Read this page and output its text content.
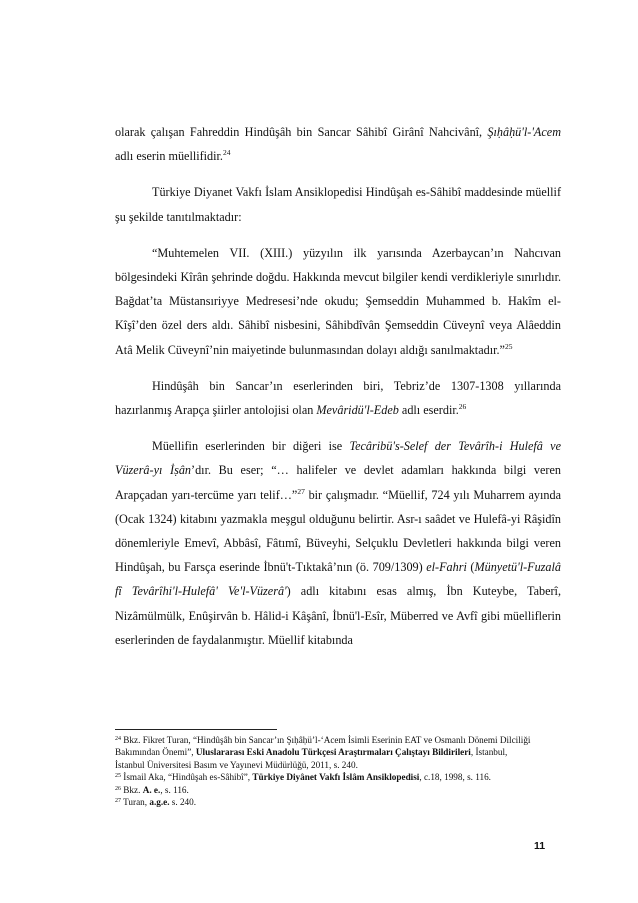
olarak çalışan Fahreddin Hindûşâh bin Sancar Sâhibî Girânî Nahcivânî, Şıḥâḥü'l-'Acem adlı eserin müellifidir.$^{24}$

Türkiye Diyanet Vakfı İslam Ansiklopedisi Hindûşah es-Sâhibî maddesinde müellif şu şekilde tanıtılmaktadır:

“Muhtemelen VII. (XIII.) yüzyılın ilk yarısında Azerbaycan’ın Nahcıvan bölgesindeki Kîrân şehrinde doğdu. Hakkında mevcut bilgiler kendi verdikleriyle sınırlıdır. Bağdat’ta Müstansıriyye Medresesi’nde okudu; Şemseddin Muhammed b. Hakîm el-Kîşî’den özel ders aldı. Sâhibî nisbesini, Sâhibdîvân Şemseddin Cüveynî veya Alâeddin Atâ Melik Cüveynî’nin maiyetinde bulunmasından dolayı aldığı sanılmaktadır.”$^{25}$

Hindûşâh bin Sancar’ın eserlerinden biri, Tebriz’de 1307-1308 yıllarında hazırlanmış Arapça şiirler antolojisi olan Mevâridü'l-Edeb adlı eserdir.$^{26}$

Müellifin eserlerinden bir diğeri ise Tecâribü's-Selef der Tevârîh-i Hulefâ ve Vüzerâ-yı İṣân’dır. Bu eser; “… halifeler ve devlet adamları hakkında bilgi veren Arapçadan yarı-tercüme yarı telif…”$^{27}$ bir çalışmadır. “Müellif, 724 yılı Muharrem ayında (Ocak 1324) kitabını yazmakla meşgul olduğunu belirtir. Asr-ı saâdet ve Hulefâ-yi Râşidîn dönemleriyle Emevî, Abbâsî, Fâtımî, Büveyhi, Selçuklu Devletleri hakkında bilgi veren Hindûşah, bu Farsça eserinde İbnü't-Tıktakâ’nın (ö. 709/1309) el-Fahri (Münyetü'l-Fuzalâ fî Tevârîhi'l-Hulefâ' Ve'l-Vüzerâ') adlı kitabını esas almış, İbn Kuteybe, Taberî, Nizâmülmülk, Enûşirvân b. Hâlid-i Kâşânî, İbnü'l-Esîr, Müberred ve Avfî gibi müelliflerin eserlerinden de faydalanmıştır. Müellif kitabında

$^{24}$ Bkz. Fikret Turan, “Hindûşâh bin Sancar’ın Şıḥâḥü’l-‘Acem İsimli Eserinin EAT ve Osmanlı Dönemi Dilciliği Bakımından Önemi”, Uluslararası Eski Anadolu Türkçesi Araştırmaları Çalıştayı Bildirileri, İstanbul, İstanbul Üniversitesi Basım ve Yayınevi Müdürlüğü, 2011, s. 240.

$^{25}$ İsmail Aka, “Hindûşah es-Sâhibî”, Türkiye Diyânet Vakfı İslâm Ansiklopedisi, c.18, 1998, s. 116.

$^{26}$ Bkz. A. e., s. 116.

$^{27}$ Turan, a.g.e. s. 240.

11
